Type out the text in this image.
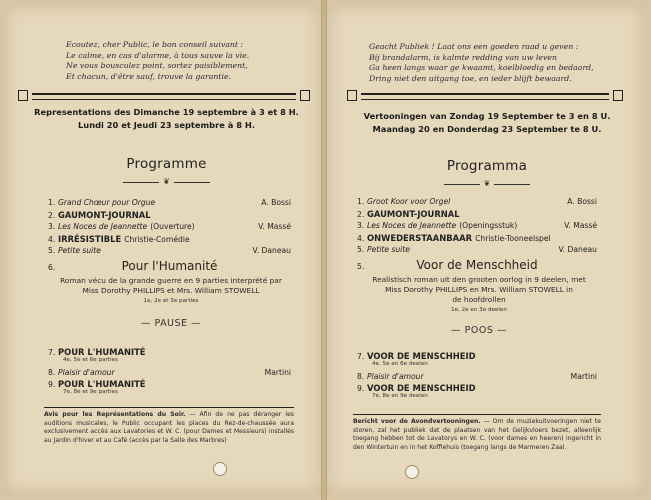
Ecoutez, cher Public, le bon conseil suivant :
Le calme, en cas d'alarme, à tous sauve la vie.
Ne vous bousculez point, sortez paisiblement,
Et chacun, d'être sauf, trouve la garantie.
Representations des Dimanche 19 septembre à 3 et 8 H.
Lundi 20 et Jeudi 23 septembre à 8 H.
Programme
❦
1. Grand Chœur pour Orgue	A. Bossi
2. GAUMONT-JOURNAL
3. Les Noces de Jeannette (Ouverture)	V. Massé
4. IRRÉSISTIBLE Christie-Comédie
5. Petite suite	V. Daneau
6.	Pour l'Humanité
Roman vécu de la grande guerre en 9 parties interprété par
Miss Dorothy PHILLIPS et Mrs. William STOWELL
1e, 2e et 3e parties
— PAUSE —
7. POUR L'HUMANITÉ
4e, 5e et 6e parties
8. Plaisir d'amour	Martini
9. POUR L'HUMANITÉ
7e, 8e et 9e parties
Avis pour les Représentations du Soir. — Afin de ne pas déranger les auditions musicales, le Public occupant les places du Rez-de-chaussée aura exclusivement accès aux Lavatories et W. C. (pour Dames et Messieurs) installés au Jardin d'hiver et au Café (accès par la Salle des Marbres)
Geacht Publiek ! Laat ons een goeden raad u geven :
Bij brandalarm, is kalmte redding van uw leven
Ga heen langs waar ge kwaamt, koelbloedig en bedaard,
Dring niet den uitgang toe, en ieder blijft bewaard.
Vertooningen van Zondag 19 September te 3 en 8 U.
Maandag 20 en Donderdag 23 September te 8 U.
Programma
❦
1. Groot Koor voor Orgel	A. Bossi
2. GAUMONT-JOURNAL
3. Les Noces de Jeannette (Openingsstuk)	V. Massé
4. ONWEDERSTAANBAAR Christie-Tooneelspel
5. Petite suite	V. Daneau
5.	Voor de Menschheid
Realistisch roman uit den grooten oorlog in 9 deelen, met
Miss Dorothy PHILLIPS en Mrs. William STOWELL in
de hoofdrollen
1e, 2e en 3e deelen
— POOS —
7. VOOR DE MENSCHHEID
4e, 5e en 6e deelen
8. Plaisir d'amour	Martini
9. VOOR DE MENSCHHEID
7e, 8e en 9e deelen
Bericht voor de Avondvertooningen. — Om de muziekuitvoeringen niet te storen, zal het publiek dat de plaatsen van het Gelijkvloers bezet, alleenlijk toegang hebben tot de Lavatorys en W. C. (voor dames en heeren) ingericht in den Wintertuin en in het Koffiehuis (toegang langs de Marmeren Zaal.
